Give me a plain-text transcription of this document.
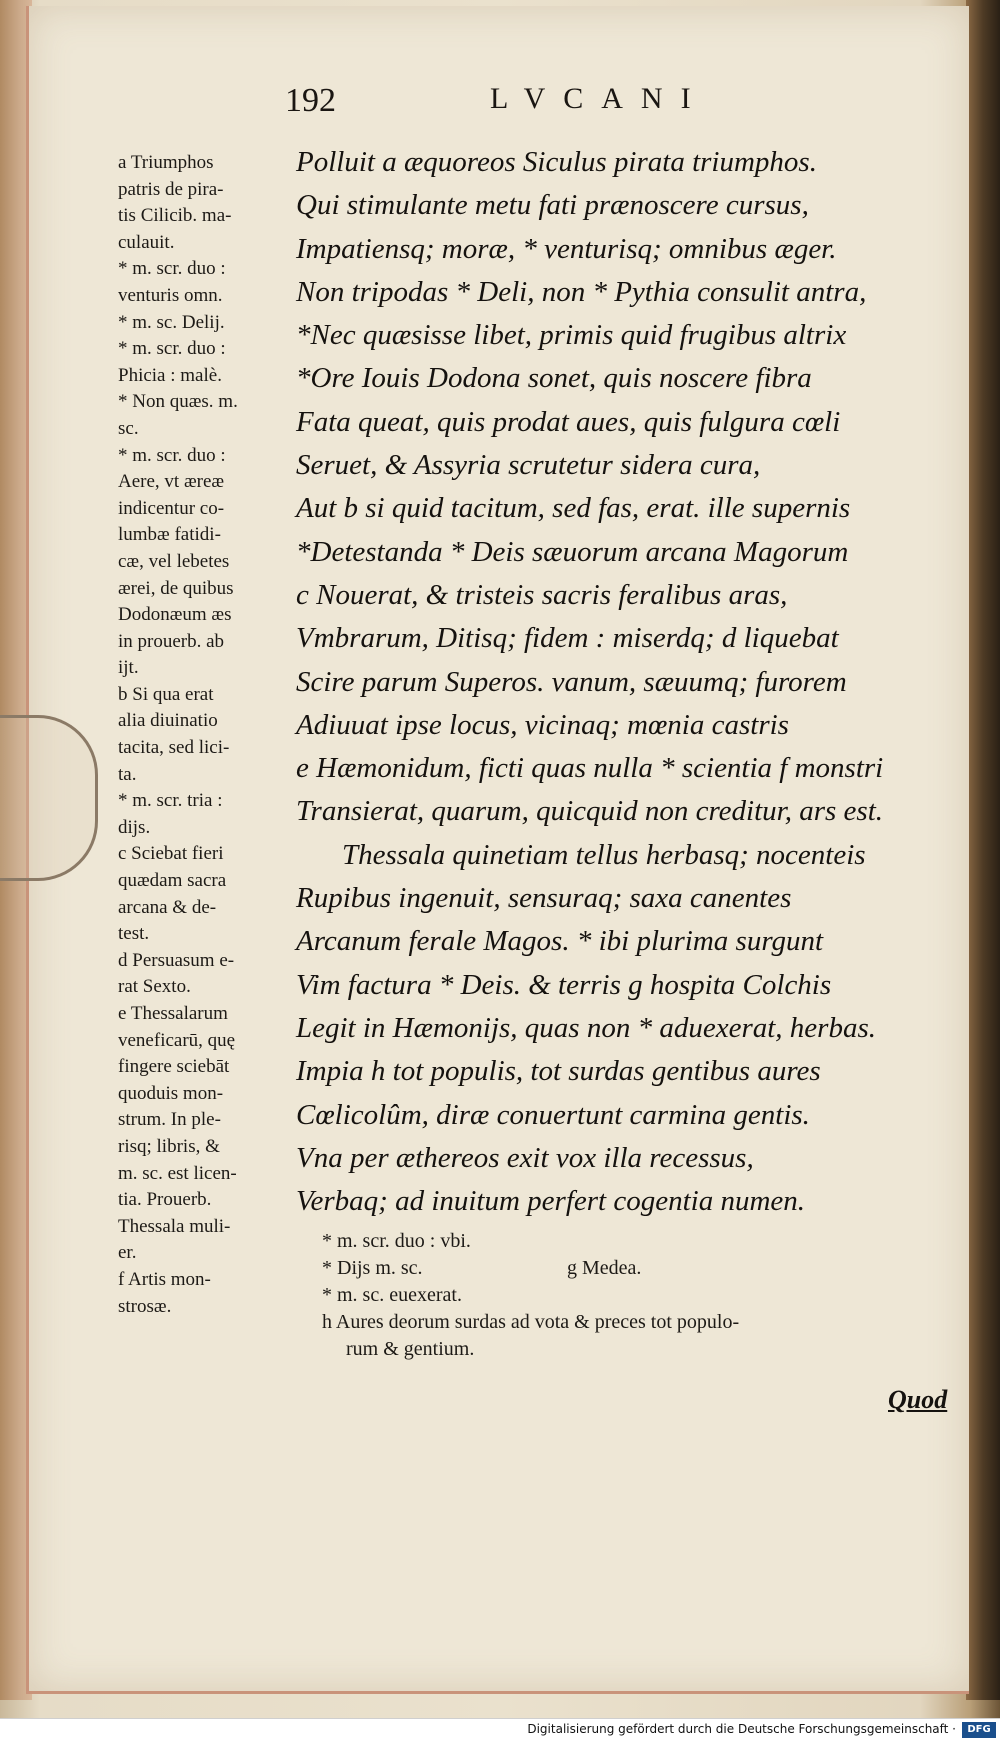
192	LVCANI
a Triumphos
patris de pira-
tis Cilicib. ma-
culauit.
* m. scr. duo :
venturis omn.
* m. sc. Delij.
* m. scr. duo :
Phicia : malè.
* Non quæs. m.
sc.
* m. scr. duo :
Aere, vt æreæ
indicentur co-
lumbæ fatidi-
cæ, vel lebetes
ærei, de quibus
Dodonæum æs
in prouerb. ab
ijt.
b Si qua erat
alia diuinatio
tacita, sed lici-
ta.
* m. scr. tria :
dijs.
c Sciebat fieri
quædam sacra
arcana & de-
test.
d Persuasum e-
rat Sexto.
e Thessalarum
veneficarū, quę
fingere sciebāt
quoduis mon-
strum. In ple-
risq; libris, &
m. sc. est licen-
tia. Prouerb.
Thessala muli-
er.
f Artis mon-
strosæ.
Polluit a æquoreos Siculus pirata triumphos.
Qui stimulante metu fati prænoscere cursus,
Impatiensq; moræ, * venturisq; omnibus æger.
Non tripodas * Deli, non * Pythia consulit antra,
*Nec quæsisse libet, primis quid frugibus altrix
*Ore Iouis Dodona sonet, quis noscere fibra
Fata queat, quis prodat aues, quis fulgura cœli
Seruet, & Assyria scrutetur sidera cura,
Aut b si quid tacitum, sed fas, erat. ille supernis
*Detestanda * Deis sæuorum arcana Magorum
c Nouerat, & tristeis sacris feralibus aras,
Vmbrarum, Ditisq; fidem : miserdq; d liquebat
Scire parum Superos. vanum, sæuumq; furorem
Adiuuat ipse locus, vicinaq; mœnia castris
e Hæmonidum, ficti quas nulla * scientia f monstri
Transierat, quarum, quicquid non creditur, ars est.
Thessala quinetiam tellus herbasq; nocenteis
Rupibus ingenuit, sensuraq; saxa canentes
Arcanum ferale Magos. * ibi plurima surgunt
Vim factura * Deis. & terris g hospita Colchis
Legit in Hæmonijs, quas non * aduexerat, herbas.
Impia h tot populis, tot surdas gentibus aures
Cœlicolûm, diræ conuertunt carmina gentis.
Vna per æthereos exit vox illa recessus,
Verbaq; ad inuitum perfert cogentia numen.
* m. scr. duo : vbi.
* Dijs m. sc.
* m. sc. euexerat.
h Aures deorum surdas ad vota & preces tot populo-
rum & gentium.
g Medea.
Quod
Digitalisierung gefördert durch die Deutsche Forschungsgemeinschaft ·	DFG
